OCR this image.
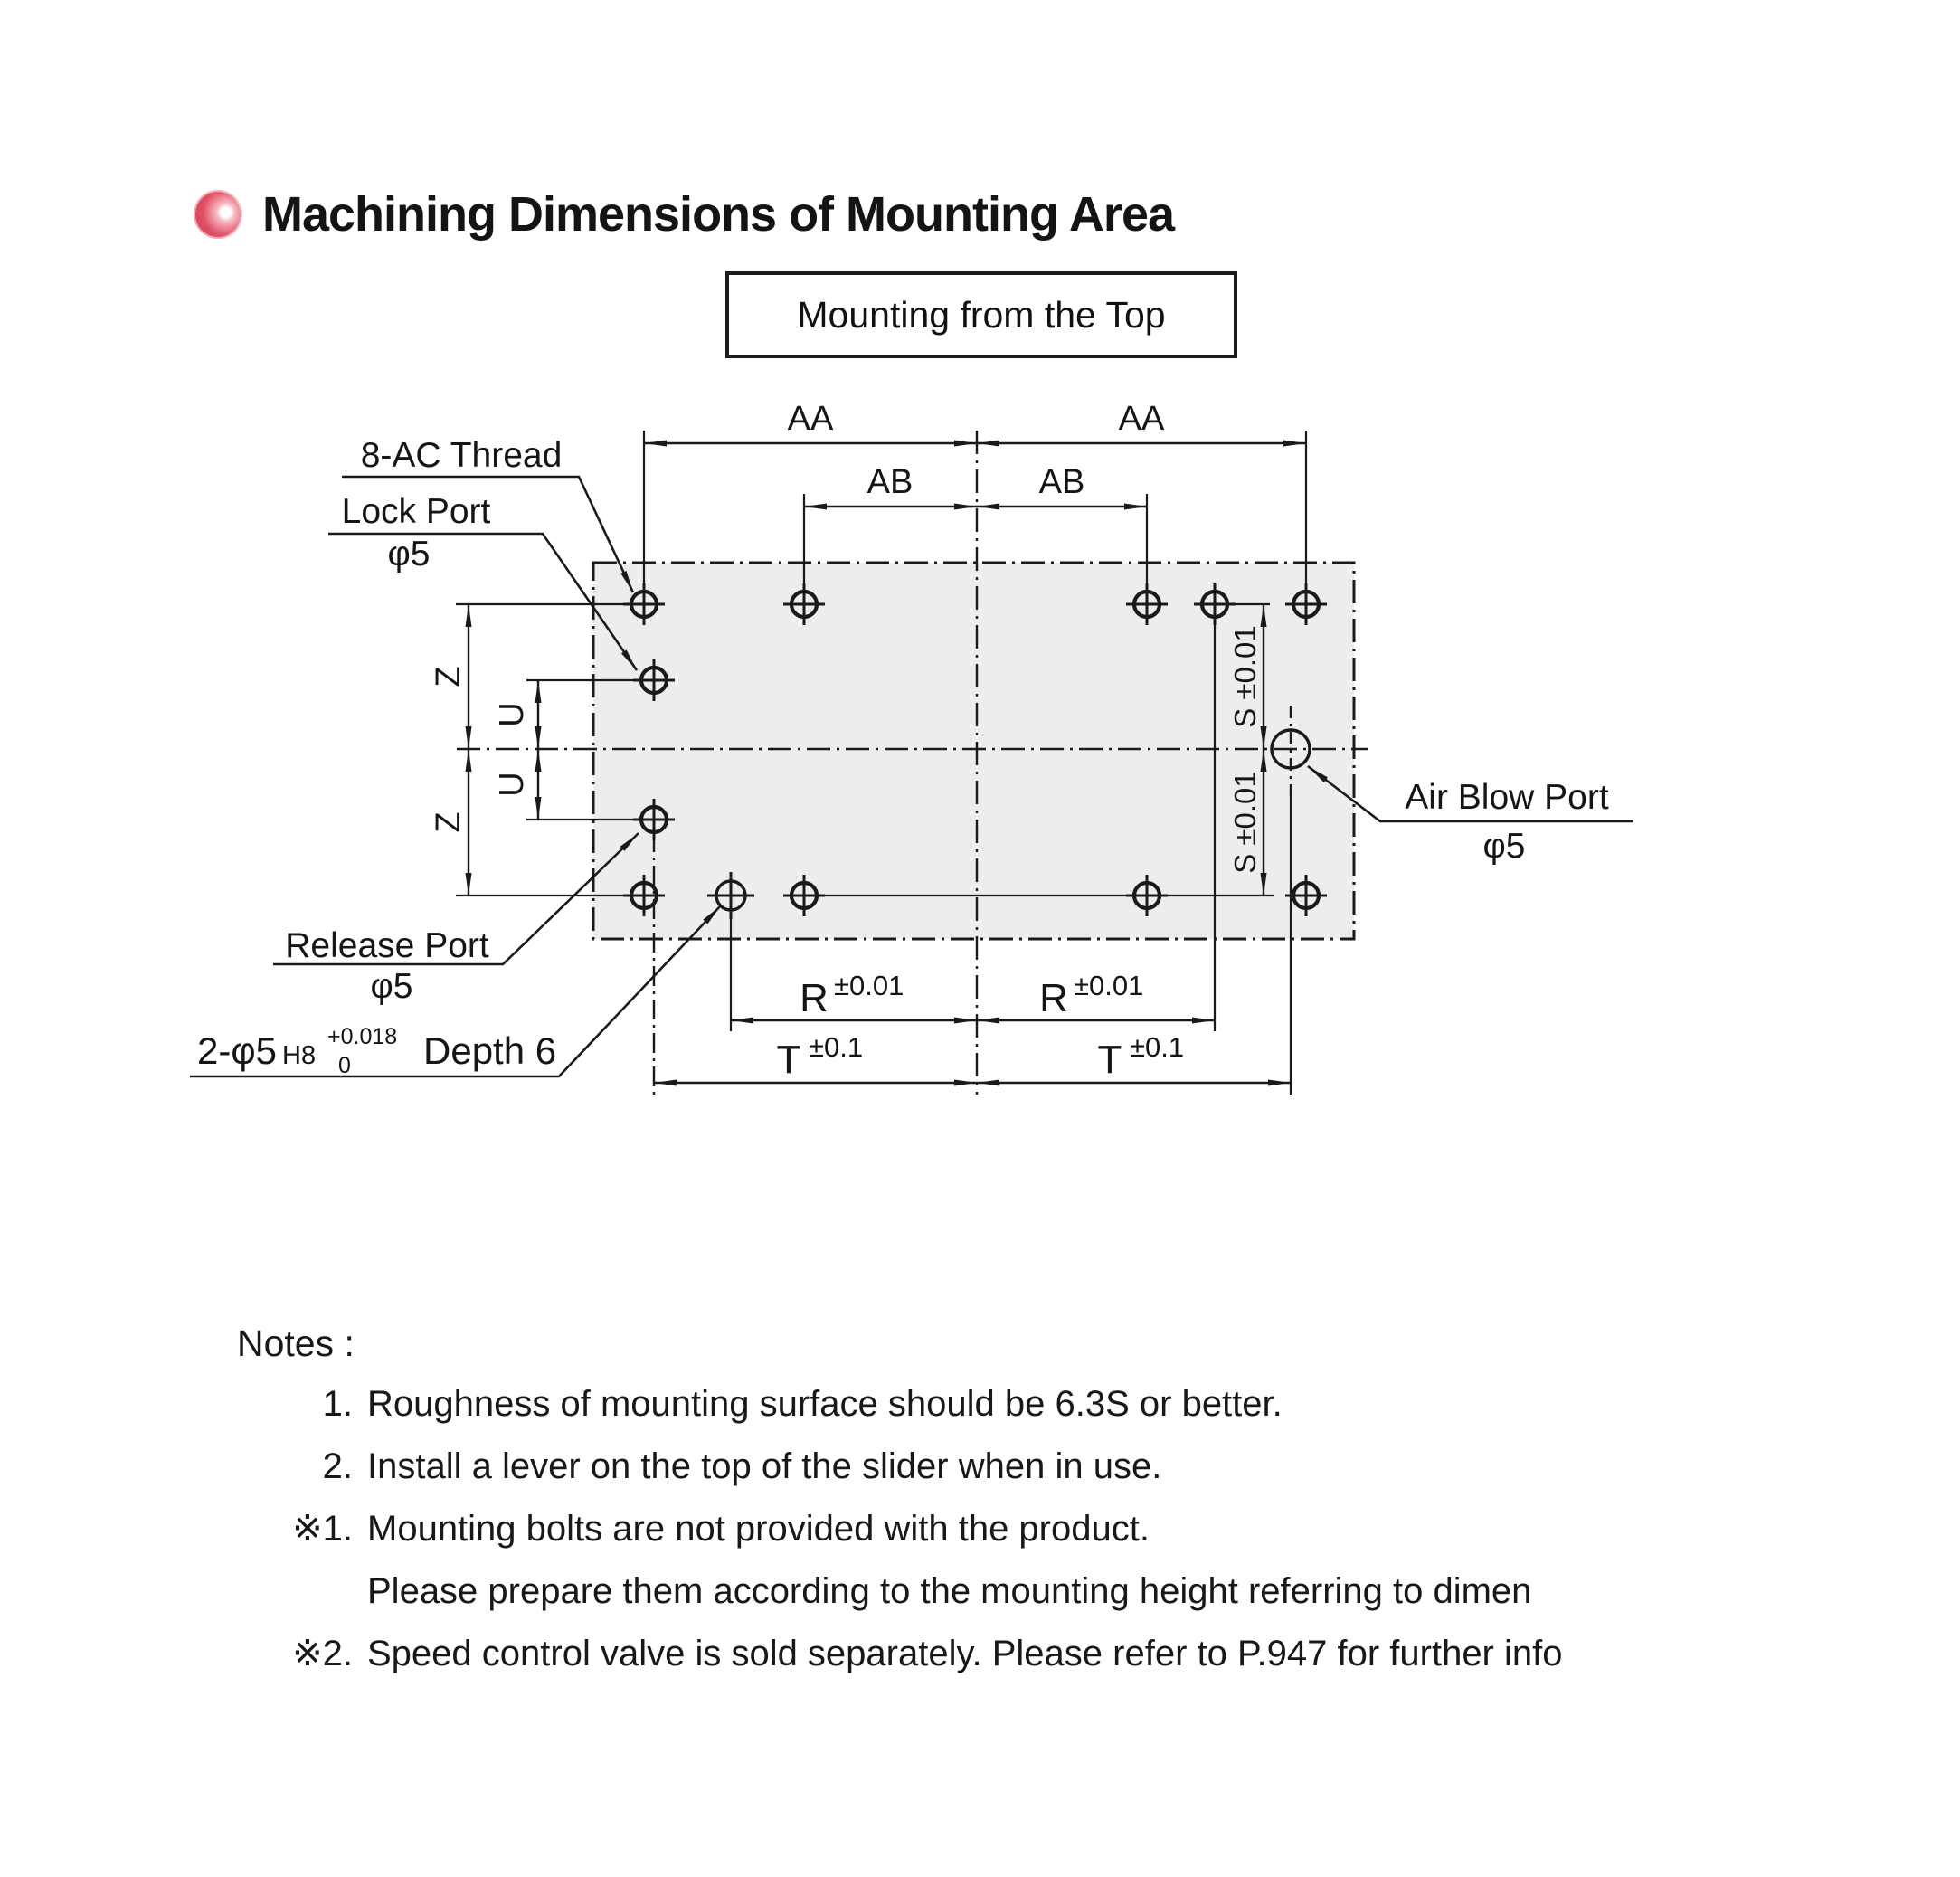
Machining Dimensions of Mounting Area
Mounting from the Top
AA	AA
AB	AB
Z
Z
U
U
S ±0.01
S ±0.01
R ±0.01	R ±0.01
T ±0.1	T ±0.1
8-AC Thread
Lock Port
φ5
Release Port
φ5
2-φ5 H8
+0.018
0 Depth 6
Air Blow Port
φ5
Notes :
1. Roughness of mounting surface should be 6.3S or better.
2. Install a lever on the top of the slider when in use.
※1. Mounting bolts are not provided with the product.
Please prepare them according to the mounting height referring to dimen
※2. Speed control valve is sold separately. Please refer to P.947 for further info
